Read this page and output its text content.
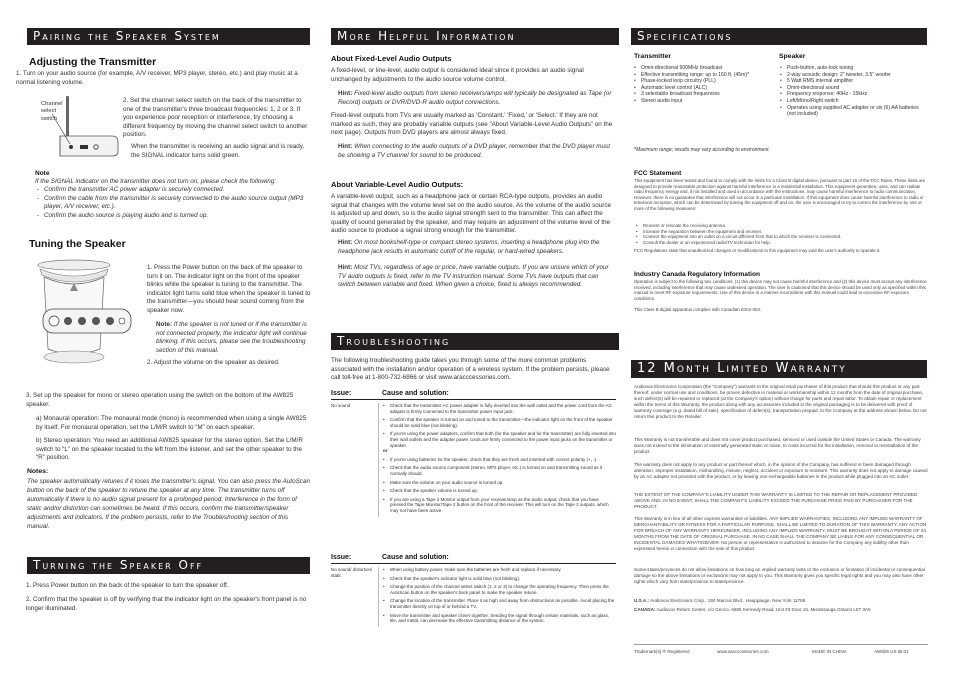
Pairing the Speaker System
Adjusting the Transmitter
1. Turn on your audio source (for example, A/V receiver, MP3 player, stereo, etc.) and play music at a normal listening volume.
Channel select switch
2. Set the channel select switch on the back of the transmitter to one of the transmitter's three broadcast frequencies: 1, 2 or 3. If you experience poor reception or interference, try choosing a different frequency by moving the channel select switch to another position.
When the transmitter is receiving an audio signal and is ready, the SIGNAL indicator turns solid green.
Note
If the SIGNAL indicator on the transmitter does not turn on, please check the following:
- Confirm the transmitter AC power adapter is securely connected.
- Confirm the cable from the transmitter is securely connected to the audio source output (MP3 player, A/V receiver, etc.).
- Confirm the audio source is playing audio and is turned up.
Tuning the Speaker
1. Press the Power button on the back of the speaker to turn it on. The indicator light on the front of the speaker blinks while the speaker is tuning to the transmitter. The indicator light turns solid blue when the speaker is tuned to the transmitter—you should hear sound coming from the speaker now.
Note: If the speaker is not tuned or if the transmitter is not connected properly, the indicator light will continue blinking. If this occurs, please see the troubleshooting section of this manual.
2. Adjust the volume on the speaker as desired.
3. Set up the speaker for mono or stereo operation using the switch on the bottom of the AW825 speaker.
a) Monaural operation: The monaural mode (mono) is recommended when using a single AW825 by itself. For monaural operation, set the L/M/R switch to “M” on each speaker.
b) Stereo operation: You need an additional AW825 speaker for the stereo option. Set the L/M/R switch to “L” on the speaker located to the left from the listener, and set the other speaker to the “R” position.
Notes:
The speaker automatically retunes if it loses the transmitter's signal. You can also press the AutoScan button on the back of the speaker to retune the speaker at any time. The transmitter turns off automatically if there is no audio signal present for a prolonged period. Interference in the form of static and/or distortion can sometimes be heard. If this occurs, confirm the transmitter/speaker adjustments and indicators. If the problem persists, refer to the Troubleshooting section of this manual.
Turning the Speaker Off
1. Press Power button on the back of the speaker to turn the speaker off.
2. Confirm that the speaker is off by verifying that the indicator light on the speaker's front panel is no longer illuminated.
More Helpful Information
About Fixed-Level Audio Outputs
A fixed-level, or line-level, audio output is considered ideal since it provides an audio signal unchanged by adjustments to the audio source volume control.
Hint: Fixed-level audio outputs from stereo receivers/amps will typically be designated as Tape (or Record) outputs or DVR/DVD-R audio output connections.
Fixed-level outputs from TVs are usually marked as 'Constant,' 'Fixed,' or 'Select.' If they are not marked as such, they are probably variable outputs (see “About Variable-Level Audio Outputs” on the next page). Outputs from DVD players are almost always fixed.
Hint: When connecting to the audio outputs of a DVD player, remember that the DVD player must be showing a TV channel for sound to be produced.
About Variable-Level Audio Outputs:
A variable-level output, such as a headphone jack or certain RCA-type outputs, provides an audio signal that changes with the volume level set on the audio source. As the volume of the audio source is adjusted up and down, so is the audio signal strength sent to the transmitter. This can affect the quality of sound generated by the speaker, and may require an adjustment of the volume level of the audio source to produce a signal strong enough for the transmitter.
Hint: On most bookshelf-type or compact stereo systems, inserting a headphone plug into the headphone jack results in automatic cutoff of the regular, or hard-wired speakers.
Hint: Most TVs, regardless of age or price, have variable outputs. If you are unsure which of your TV audio outputs is fixed, refer to the TV instruction manual. Some TVs have outputs that can switch between variable and fixed. When given a choice, fixed is always recommended.
Troubleshooting
The following troubleshooting guide takes you through some of the more common problems associated with the installation and/or operation of a wireless system. If the problem persists, please call toll-free at 1-800-732-6866 or visit www.aracccessories.com.
Issue:	Cause and solution:
No sound
•	Check that the transmitter AC power adapter is fully inserted into the wall outlet and the power cord from the AC adapter is firmly connected to the transmitter power input jack.
• Confirm that the speaker is turned on and tuned to the transmitter—the indicator light on the front of the speaker should be solid blue (not blinking).
• If you're using the power adapters, confirm that both (for the speaker and for the transmitter) are fully inserted into their wall outlets and the adapter power cords are firmly connected to the power input jacks on the transmitter or speaker.
or
• If you're using batteries for the speaker, check that they are fresh and inserted with correct polarity (+, -).
• Check that the audio source component (stereo, MP3 player, etc.) is turned on and transmitting sound as it normally should.
• Make sure the volume on your audio source is turned up.
• Check that the speaker volume is turned up.
• If you are using a Tape 2 Monitor output from your receiver/amp as the audio output, check that you have pressed the Tape Monitor/Tape 2 button on the front of the receiver. This will turn on the Tape 2 outputs, which may not have been active.
Issue:	Cause and solution:
No sound/ distortion/ static
• When using battery power, make sure the batteries are fresh and replace if necessary.
• Check that the speaker's indicator light is solid blue (not blinking).
• Change the position of the channel select switch (1, 2 or 3) to change the operating frequency. Then press the AutoScan button on the speaker's back panel to make the speaker retune.
• Change the location of the transmitter. Place it as high and away from obstructions as possible. Avoid placing the transmitter directly on top of or behind a TV.
• Move the transmitter and speaker closer together. Sending the signal through certain materials, such as glass, tile, and metal, can decrease the effective transmitting distance of the system.
Specifications
Transmitter
• Omni-directional 900MHz broadcast
• Effective transmitting range: up to 150 ft. (45m)*
• Phase-locked loop circuitry (PLL)
• Automatic level control (ALC)
• 3 selectable broadcast frequencies
• Stereo audio input
Speaker
• Push-button, auto-lock tuning
• 2-way acoustic design: 2" tweeter, 3.5" woofer
• 5 Watt RMS internal amplifier
• Omni-directional sound
• Frequency response: 40Hz - 15kHz
• Left/Mono/Right switch
• Operates using supplied AC adapter or six (6) AA batteries (not included)
*Maximum range; results may vary according to environment.
FCC Statement
This equipment has been tested and found to comply with the limits for a Class B digital device, pursuant to part 15 of the FCC Rules. These limits are designed to provide reasonable protection against harmful interference in a residential installation. This equipment generates, uses, and can radiate radio frequency energy and, if not installed and used in accordance with the instructions, may cause harmful interference to radio communication. However, there is no guarantee that interference will not occur in a particular installation. If this equipment does cause harmful interference to radio or television reception, which can be determined by turning the equipment off and on, the user is encouraged to try to correct the interference by one or more of the following measures:
• Reorient or relocate the receiving antenna.
• Increase the separation between the equipment and receiver.
• Connect the equipment into an outlet on a circuit different from that to which the receiver is connected.
• Consult the dealer or an experienced radio/TV technician for help.
FCC Regulations state that unauthorized changes or modifications to this equipment may void the user's authority to operate it.
Industry Canada Regulatory Information
Operation is subject to the following two conditions: (1) this device may not cause harmful interference and (2) this device must accept any interference received, including interference that may cause undesired operation. The user is cautioned that this device should be used only as specified within this manual to meet RF exposure requirements. Use of this device in a manner inconsistent with this manual could lead to excessive RF exposure conditions.
This Class B digital apparatus complies with Canadian ICES-003.
12 Month Limited Warranty
Audiovox Electronics Corporation (the "Company") warrants to the original retail purchaser of this product that should this product or any part thereof, under normal use and conditions, be proven defective in material or workmanship within 12 months from the date of original purchase, such defect(s) will be repaired or replaced (at the Company's option) without charge for parts and repair labor. To obtain repair or replacement within the terms of this Warranty, the product along with any accessories included in the original packaging is to be delivered with proof of warranty coverage (e.g. dated bill of sale), specification of defect(s), transportation prepaid, to the Company at the address shown below. Do not return this product to the Retailer.
This Warranty is not transferable and does not cover product purchased, serviced or used outside the United States or Canada. The warranty does not extend to the elimination of externally generated static or noise, to costs incurred for the installation, removal or reinstallation of the product.
The warranty does not apply to any product or part thereof which, in the opinion of the Company, has suffered or been damaged through alteration, improper installation, mishandling, misuse, neglect, accident or exposure to moisture. This warranty does not apply to damage caused by an AC adapter not provided with the product, or by leaving non-rechargeable batteries in the product while plugged into an AC outlet.
THE EXTENT OF THE COMPANY'S LIABILITY UNDER THIS WARRANTY IS LIMITED TO THE REPAIR OR REPLACEMENT PROVIDED ABOVE AND, IN NO EVENT, SHALL THE COMPANY'S LIABILITY EXCEED THE PURCHASE PRICE PAID BY PURCHASER FOR THE PRODUCT.
This Warranty is in lieu of all other express warranties or liabilities. ANY IMPLIED WARRANTIES, INCLUDING ANY IMPLIED WARRANTY OF MERCHANTABILITY OR FITNESS FOR A PARTICULAR PURPOSE, SHALL BE LIMITED TO DURATION OF THIS WARRANTY. ANY ACTION FOR BREACH OF ANY WARRANTY HEREUNDER, INCLUDING ANY IMPLIED WARRANTY, MUST BE BROUGHT WITHIN A PERIOD OF 24 MONTHS FROM THE DATE OF ORIGINAL PURCHASE. IN NO CASE SHALL THE COMPANY BE LIABLE FOR ANY CONSEQUENTIAL OR INCIDENTAL DAMAGES WHATSOEVER. No person or representative is authorized to assume for the Company any liability other than expressed herein in connection with the sale of this product.
Some states/provinces do not allow limitations on how long an implied warranty lasts or the exclusion or limitation of incidental or consequential damage so the above limitations or exclusions may not apply to you. This Warranty gives you specific legal rights and you may also have other rights which vary from state/province to state/province.
U.S.A.: Audiovox Electronics Corp., 150 Marcus Blvd., Hauppauge, New York 11788
CANADA: Audiovox Return Center, c/o Genco, 6685 Kennedy Road, Unit #3 Door 16, Mississauga Ontario L5T 3A5
Trademark(s) ® Registered	www.aracccessories.com	MADE IN CHINA	AW825 US IB 01
